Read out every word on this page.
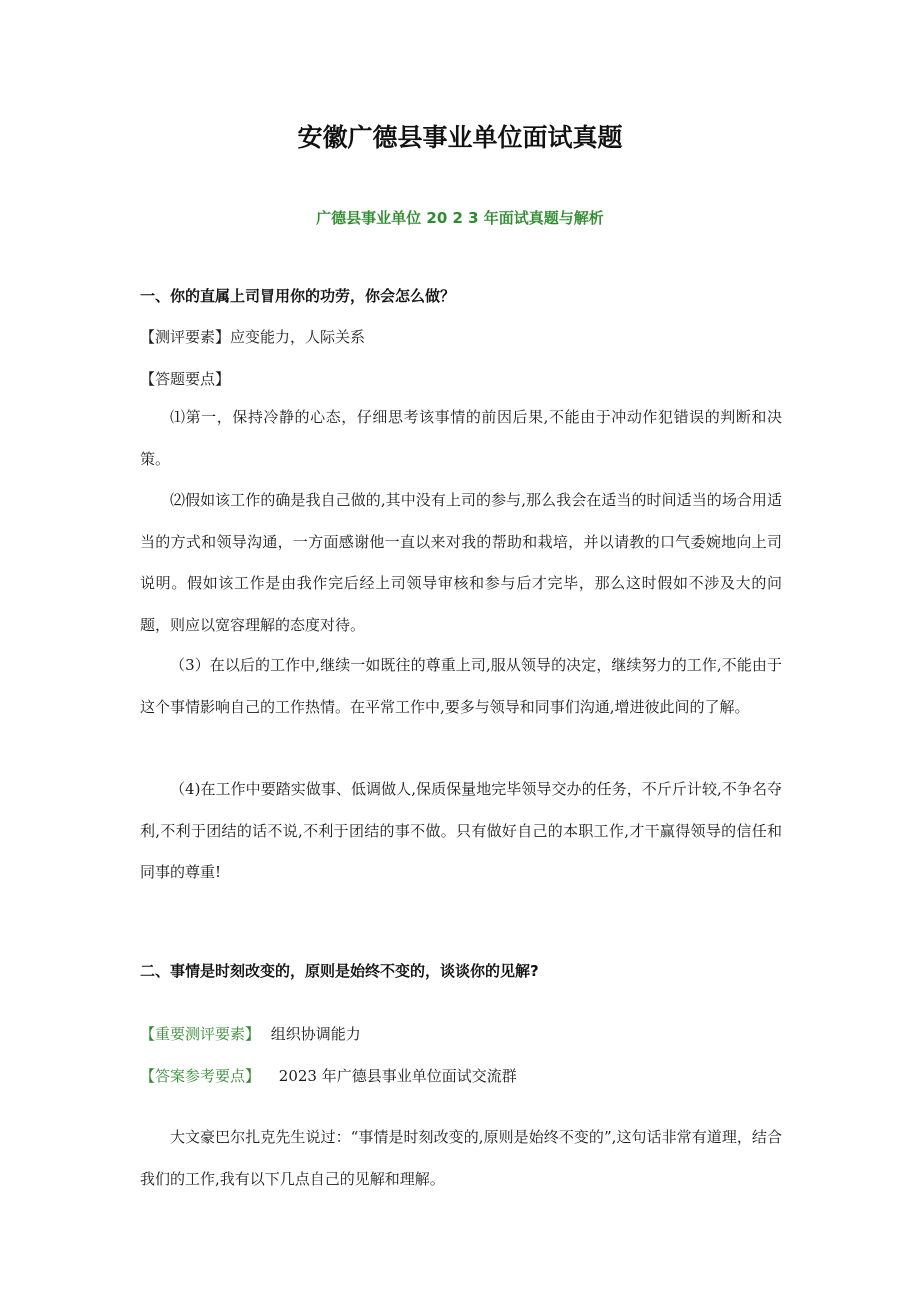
安徽广德县事业单位面试真题
广德县事业单位 20 2 3 年面试真题与解析
一、你的直属上司冒用你的功劳，你会怎么做？
【测评要素】应变能力，人际关系
【答题要点】

⑴第一，保持冷静的心态，仔细思考该事情的前因后果,不能由于冲动作犯错误的判断和决策。

⑵假如该工作的确是我自己做的,其中没有上司的参与,那么我会在适当的时间适当的场合用适当的方式和领导沟通，一方面感谢他一直以来对我的帮助和栽培，并以请教的口气委婉地向上司说明。假如该工作是由我作完后经上司领导审核和参与后才完毕，那么这时假如不涉及大的问题，则应以宽容理解的态度对待。

（3）在以后的工作中,继续一如既往的尊重上司,服从领导的决定，继续努力的工作,不能由于这个事情影响自己的工作热情。在平常工作中,要多与领导和同事们沟通,增进彼此间的了解。

（4)在工作中要踏实做事、低调做人,保质保量地完毕领导交办的任务，不斤斤计较,不争名夺利,不利于团结的话不说,不利于团结的事不做。只有做好自己的本职工作,才干赢得领导的信任和同事的尊重!

二、事情是时刻改变的，原则是始终不变的，谈谈你的见解?
【重要测评要素】 组织协调能力
【答案参考要点】 2023 年广德县事业单位面试交流群

大文豪巴尔扎克先生说过：“事情是时刻改变的,原则是始终不变的”,这句话非常有道理，结合我们的工作,我有以下几点自己的见解和理解。
